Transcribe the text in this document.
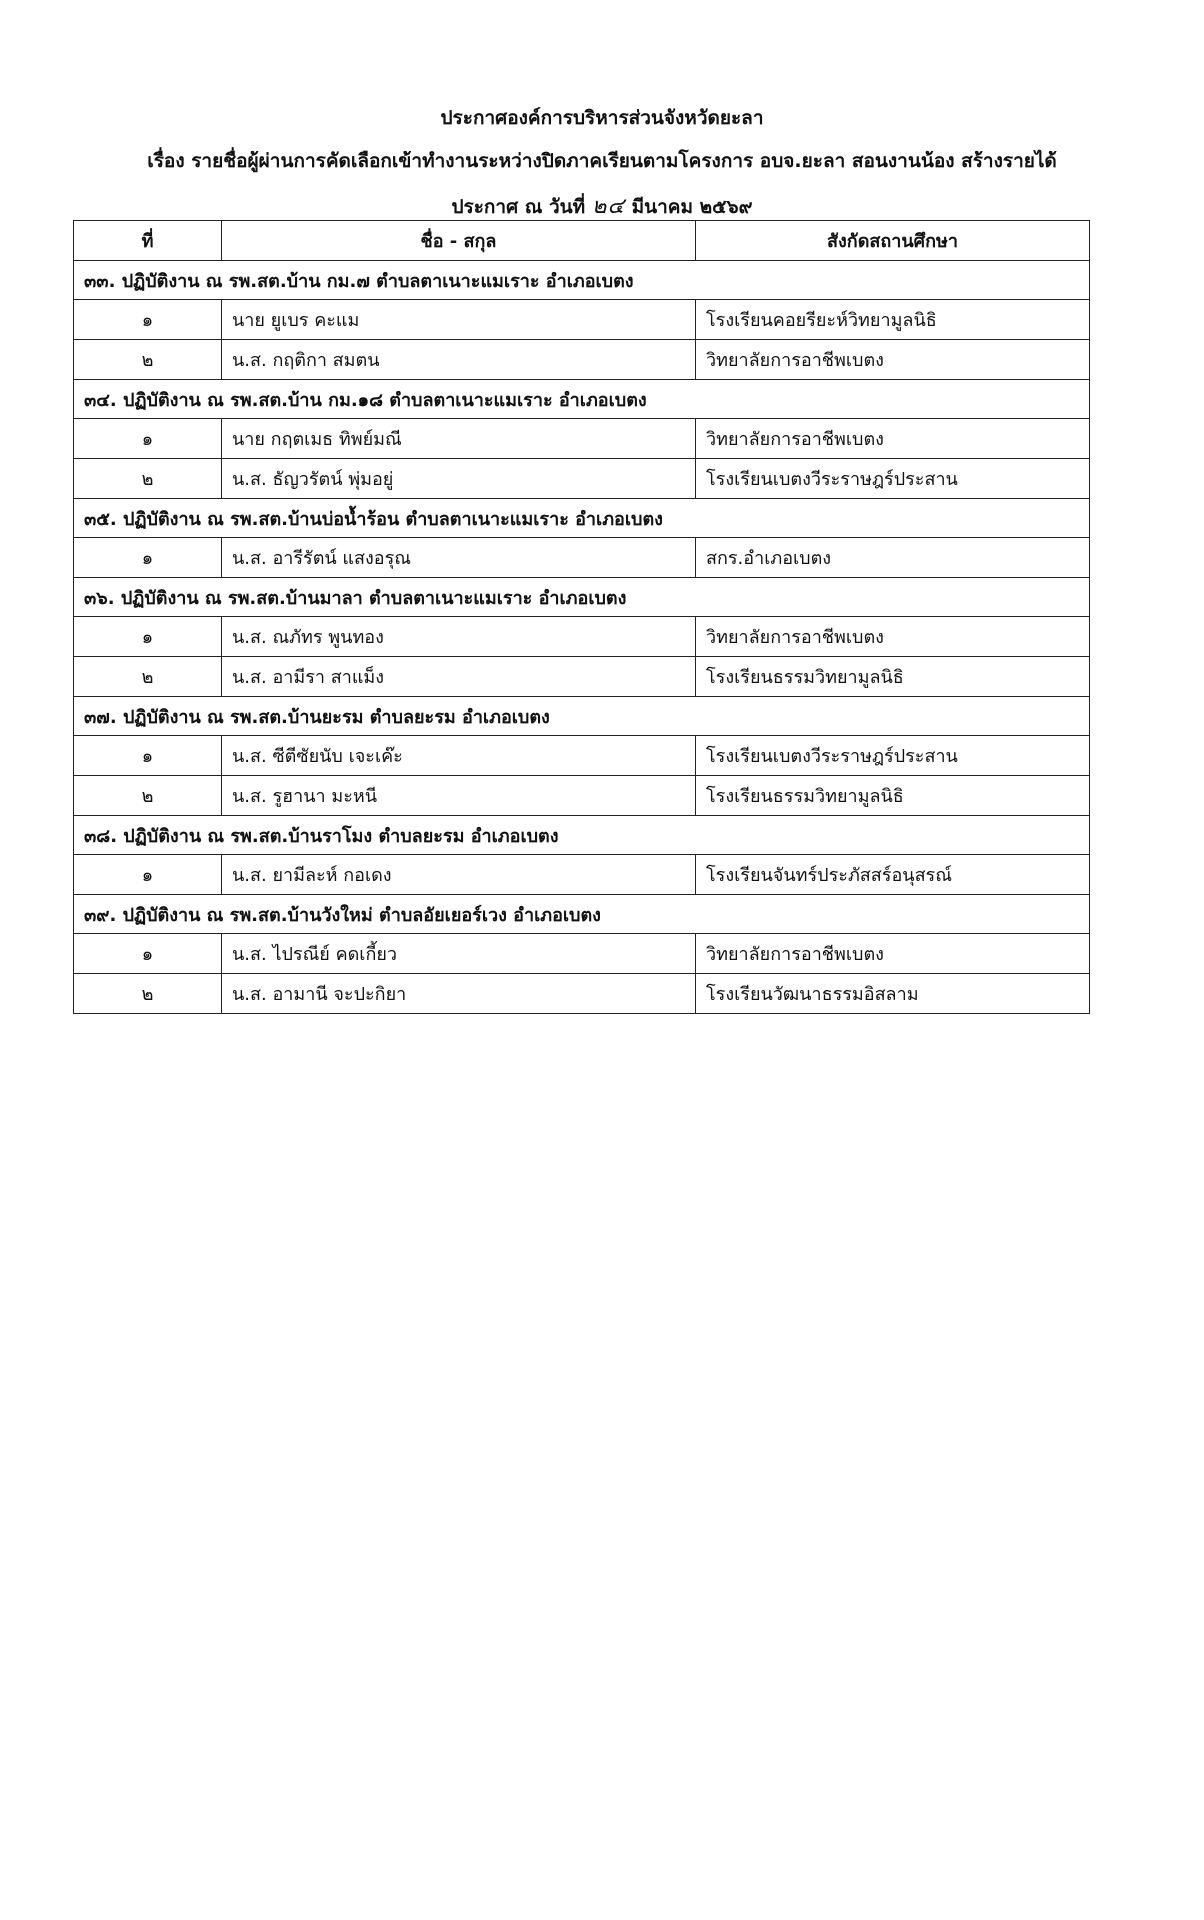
ประกาศองค์การบริหารส่วนจังหวัดยะลา
เรื่อง รายชื่อผู้ผ่านการคัดเลือกเข้าทำงานระหว่างปิดภาคเรียนตามโครงการ อบจ.ยะลา สอนงานน้อง สร้างรายได้
ประกาศ ณ วันที่ ๒๔ มีนาคม ๒๕๖๙
ที่	ชื่อ - สกุล	สังกัดสถานศึกษา
๓๓. ปฏิบัติงาน ณ รพ.สต.บ้าน กม.๗ ตำบลตาเนาะแมเราะ อำเภอเบตง		
๑	นาย ยูเบร คะแม	โรงเรียนคอยรียะห์วิทยามูลนิธิ
๒	น.ส. กฤติกา สมตน	วิทยาลัยการอาชีพเบตง
๓๔. ปฏิบัติงาน ณ รพ.สต.บ้าน กม.๑๘ ตำบลตาเนาะแมเราะ อำเภอเบตง		
๑	นาย กฤตเมธ ทิพย์มณี	วิทยาลัยการอาชีพเบตง
๒	น.ส. ธัญวรัตน์ พุ่มอยู่	โรงเรียนเบตงวีระราษฎร์ประสาน
๓๕. ปฏิบัติงาน ณ รพ.สต.บ้านบ่อน้ำร้อน ตำบลตาเนาะแมเราะ อำเภอเบตง		
๑	น.ส. อารีรัตน์ แสงอรุณ	สกร.อำเภอเบตง
๓๖. ปฏิบัติงาน ณ รพ.สต.บ้านมาลา ตำบลตาเนาะแมเราะ อำเภอเบตง		
๑	น.ส. ณภัทร พูนทอง	วิทยาลัยการอาชีพเบตง
๒	น.ส. อามีรา สาแม็ง	โรงเรียนธรรมวิทยามูลนิธิ
๓๗. ปฏิบัติงาน ณ รพ.สต.บ้านยะรม ตำบลยะรม อำเภอเบตง		
๑	น.ส. ซีตีซัยนับ เจะเค๊ะ	โรงเรียนเบตงวีระราษฎร์ประสาน
๒	น.ส. รูฮานา มะหนี	โรงเรียนธรรมวิทยามูลนิธิ
๓๘. ปฏิบัติงาน ณ รพ.สต.บ้านราโมง ตำบลยะรม อำเภอเบตง		
๑	น.ส. ยามีละห์ กอเดง	โรงเรียนจันทร์ประภัสสร์อนุสรณ์
๓๙. ปฏิบัติงาน ณ รพ.สต.บ้านวังใหม่ ตำบลอัยเยอร์เวง อำเภอเบตง		
๑	น.ส. ไปรณีย์ คดเกี้ยว	วิทยาลัยการอาชีพเบตง
๒	น.ส. อามานี จะปะกิยา	โรงเรียนวัฒนาธรรมอิสลาม
